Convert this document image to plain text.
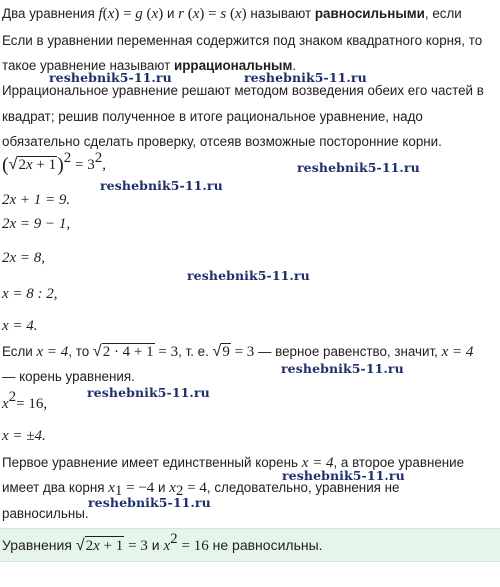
Два уравнения f(x) = g (x) и r (x) = s (x) называют равносильными, если
Если в уравнении переменная содержится под знаком квадратного корня, то
такое уравнение называют иррациональным.
reshebnik5-11.ru	reshebnik5-11.ru
Иррациональное уравнение решают методом возведения обеих его частей в
квадрат; решив полученное в итоге рациональное уравнение, надо
обязательно сделать проверку, отсеяв возможные посторонние корни.
$(√2x + 1)^2 = 3^2$,	reshebnik5-11.ru
reshebnik5-11.ru
2x + 1 = 9.
2x = 9 − 1,
2x = 8,
reshebnik5-11.ru
x = 8 : 2,
x = 4.
Если x = 4, то √2 · 4 + 1 = 3, т. е. √9 = 3 — верное равенство, значит, x = 4
— корень уравнения.
reshebnik5-11.ru
reshebnik5-11.ru
$x^2= 16$,
x = ±4.
Первое уравнение имеет единственный корень x = 4, а второе уравнение
reshebnik5-11.ru
имеет два корня $x_1 = -4$ и $x_2 = 4$, следовательно, уравнения не
reshebnik5-11.ru
равносильны.
Уравнения √2x + 1 = 3 и $x^2 = 16$ не равносильны.
